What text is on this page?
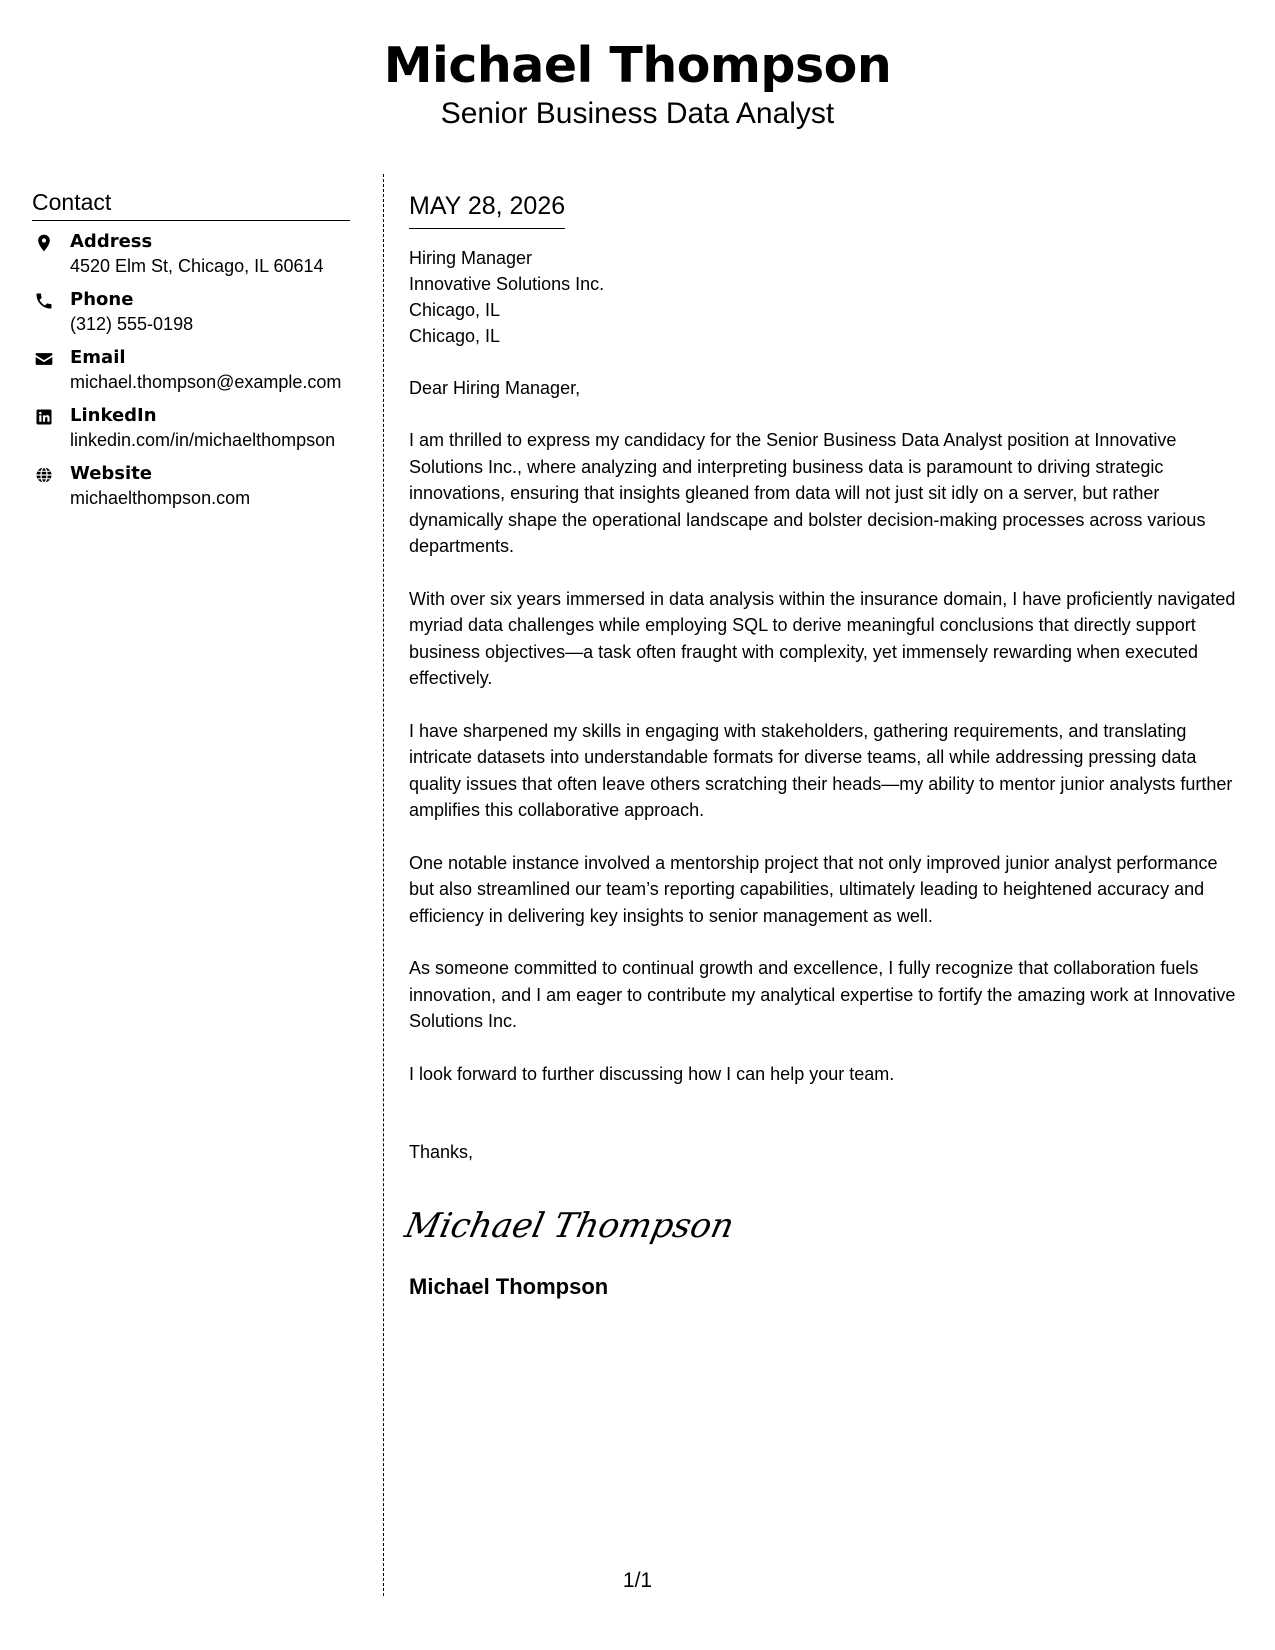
Michael Thompson
Senior Business Data Analyst
Contact
Address
4520 Elm St, Chicago, IL 60614
Phone
(312) 555-0198
Email
michael.thompson@example.com
LinkedIn
linkedin.com/in/michaelthompson
Website
michaelthompson.com
MAY 28, 2026
Hiring Manager
Innovative Solutions Inc.
Chicago, IL
Chicago, IL
Dear Hiring Manager,

I am thrilled to express my candidacy for the Senior Business Data Analyst position at Innovative Solutions Inc., where analyzing and interpreting business data is paramount to driving strategic innovations, ensuring that insights gleaned from data will not just sit idly on a server, but rather dynamically shape the operational landscape and bolster decision-making processes across various departments.

With over six years immersed in data analysis within the insurance domain, I have proficiently navigated myriad data challenges while employing SQL to derive meaningful conclusions that directly support business objectives—a task often fraught with complexity, yet immensely rewarding when executed effectively.

I have sharpened my skills in engaging with stakeholders, gathering requirements, and translating intricate datasets into understandable formats for diverse teams, all while addressing pressing data quality issues that often leave others scratching their heads—my ability to mentor junior analysts further amplifies this collaborative approach.

One notable instance involved a mentorship project that not only improved junior analyst performance but also streamlined our team’s reporting capabilities, ultimately leading to heightened accuracy and efficiency in delivering key insights to senior management as well.

As someone committed to continual growth and excellence, I fully recognize that collaboration fuels innovation, and I am eager to contribute my analytical expertise to fortify the amazing work at Innovative Solutions Inc.

I look forward to further discussing how I can help your team.

Thanks,
Michael Thompson
Michael Thompson
1/1
